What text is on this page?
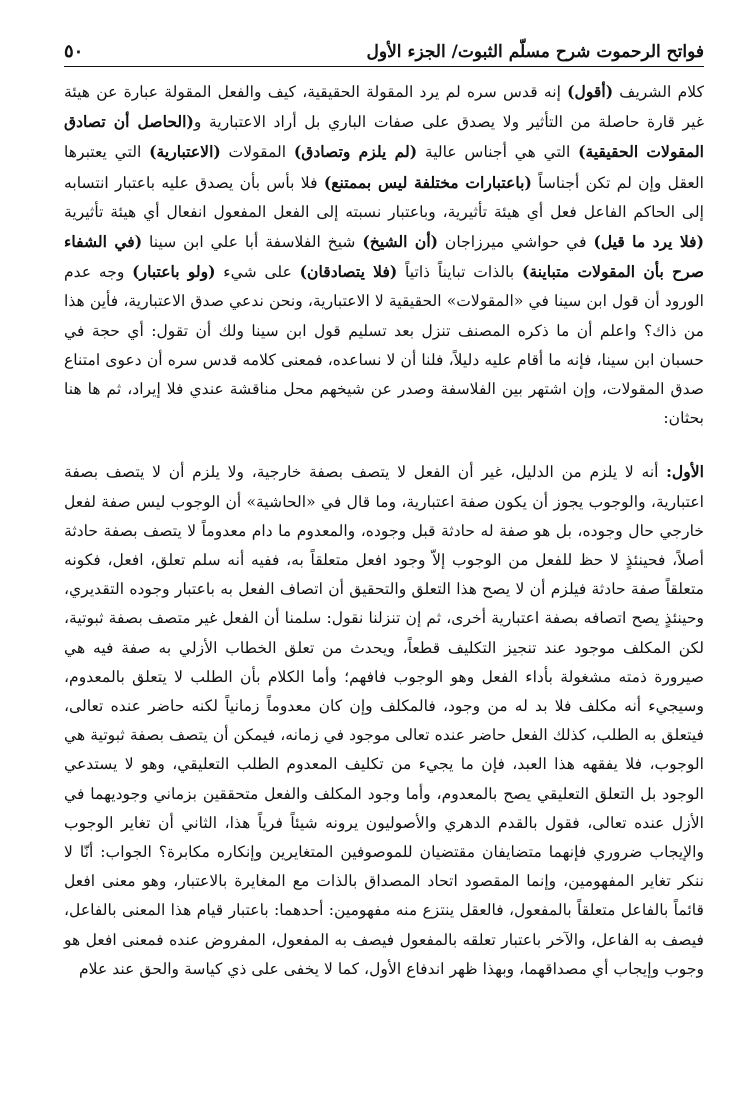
فواتح الرحموت شرح مسلّم الثبوت/ الجزء الأول
٥٠

كلام الشريف (أقول) إنه قدس سره لم يرد المقولة الحقيقية، كيف والفعل المقولة عبارة عن هيئة غير قارة حاصلة من التأثير ولا يصدق على صفات الباري بل أراد الاعتبارية و(الحاصل أن تصادق المقولات الحقيقية) التي هي أجناس عالية (لم يلزم وتصادق) المقولات (الاعتبارية) التي يعتبرها العقل وإن لم تكن أجناساً (باعتبارات مختلفة ليس بممتنع) فلا بأس بأن يصدق عليه باعتبار انتسابه إلى الحاكم الفاعل فعل أي هيئة تأثيرية، وباعتبار نسبته إلى الفعل المفعول انفعال أي هيئة تأثيرية (فلا يرد ما قيل) في حواشي ميرزاجان (أن الشيخ) شيخ الفلاسفة أبا علي ابن سينا (في الشفاء صرح بأن المقولات متباينة) بالذات تبايناً ذاتياً (فلا يتصادقان) على شيء (ولو باعتبار) وجه عدم الورود أن قول ابن سينا في «المقولات» الحقيقية لا الاعتبارية، ونحن ندعي صدق الاعتبارية، فأين هذا من ذاك؟ واعلم أن ما ذكره المصنف تنزل بعد تسليم قول ابن سينا ولك أن تقول: أي حجة في حسبان ابن سينا، فإنه ما أقام عليه دليلاً، فلنا أن لا نساعده، فمعنى كلامه قدس سره أن دعوى امتناع صدق المقولات، وإن اشتهر بين الفلاسفة وصدر عن شيخهم محل مناقشة عندي فلا إيراد، ثم ها هنا بحثان:

الأول: أنه لا يلزم من الدليل، غير أن الفعل لا يتصف بصفة خارجية، ولا يلزم أن لا يتصف بصفة اعتبارية، والوجوب يجوز أن يكون صفة اعتبارية، وما قال في «الحاشية» أن الوجوب ليس صفة لفعل خارجي حال وجوده، بل هو صفة له حادثة قبل وجوده، والمعدوم ما دام معدوماً لا يتصف بصفة حادثة أصلاً، فحينئذٍ لا حظ للفعل من الوجوب إلاّ وجود افعل متعلقاً به، ففيه أنه سلم تعلق، افعل، فكونه متعلقاً صفة حادثة فيلزم أن لا يصح هذا التعلق والتحقيق أن اتصاف الفعل به باعتبار وجوده التقديري، وحينئذٍ يصح اتصافه بصفة اعتبارية أخرى، ثم إن تنزلنا نقول: سلمنا أن الفعل غير متصف بصفة ثبوتية، لكن المكلف موجود عند تنجيز التكليف قطعاً، ويحدث من تعلق الخطاب الأزلي به صفة فيه هي صيرورة ذمته مشغولة بأداء الفعل وهو الوجوب فافهم؛ وأما الكلام بأن الطلب لا يتعلق بالمعدوم، وسيجيء أنه مكلف فلا بد له من وجود، فالمكلف وإن كان معدوماً زمانياً لكنه حاضر عنده تعالى، فيتعلق به الطلب، كذلك الفعل حاضر عنده تعالى موجود في زمانه، فيمكن أن يتصف بصفة ثبوتية هي الوجوب، فلا يفقهه هذا العبد، فإن ما يجيء من تكليف المعدوم الطلب التعليقي، وهو لا يستدعي الوجود بل التعلق التعليقي يصح بالمعدوم، وأما وجود المكلف والفعل متحققين بزماني وجوديهما في الأزل عنده تعالى، فقول بالقدم الدهري والأصوليون يرونه شيئاً فرياً هذا، الثاني أن تغاير الوجوب والإيجاب ضروري فإنهما متضايفان مقتضيان للموصوفين المتغايرين وإنكاره مكابرة؟ الجواب: أنّا لا ننكر تغاير المفهومين، وإنما المقصود اتحاد المصداق بالذات مع المغايرة بالاعتبار، وهو معنى افعل قائماً بالفاعل متعلقاً بالمفعول، فالعقل ينتزع منه مفهومين: أحدهما: باعتبار قيام هذا المعنى بالفاعل، فيصف به الفاعل، والآخر باعتبار تعلقه بالمفعول فيصف به المفعول، المفروض عنده فمعنى افعل هو وجوب وإيجاب أي مصداقهما، وبهذا ظهر اندفاع الأول، كما لا يخفى على ذي كياسة والحق عند علام
